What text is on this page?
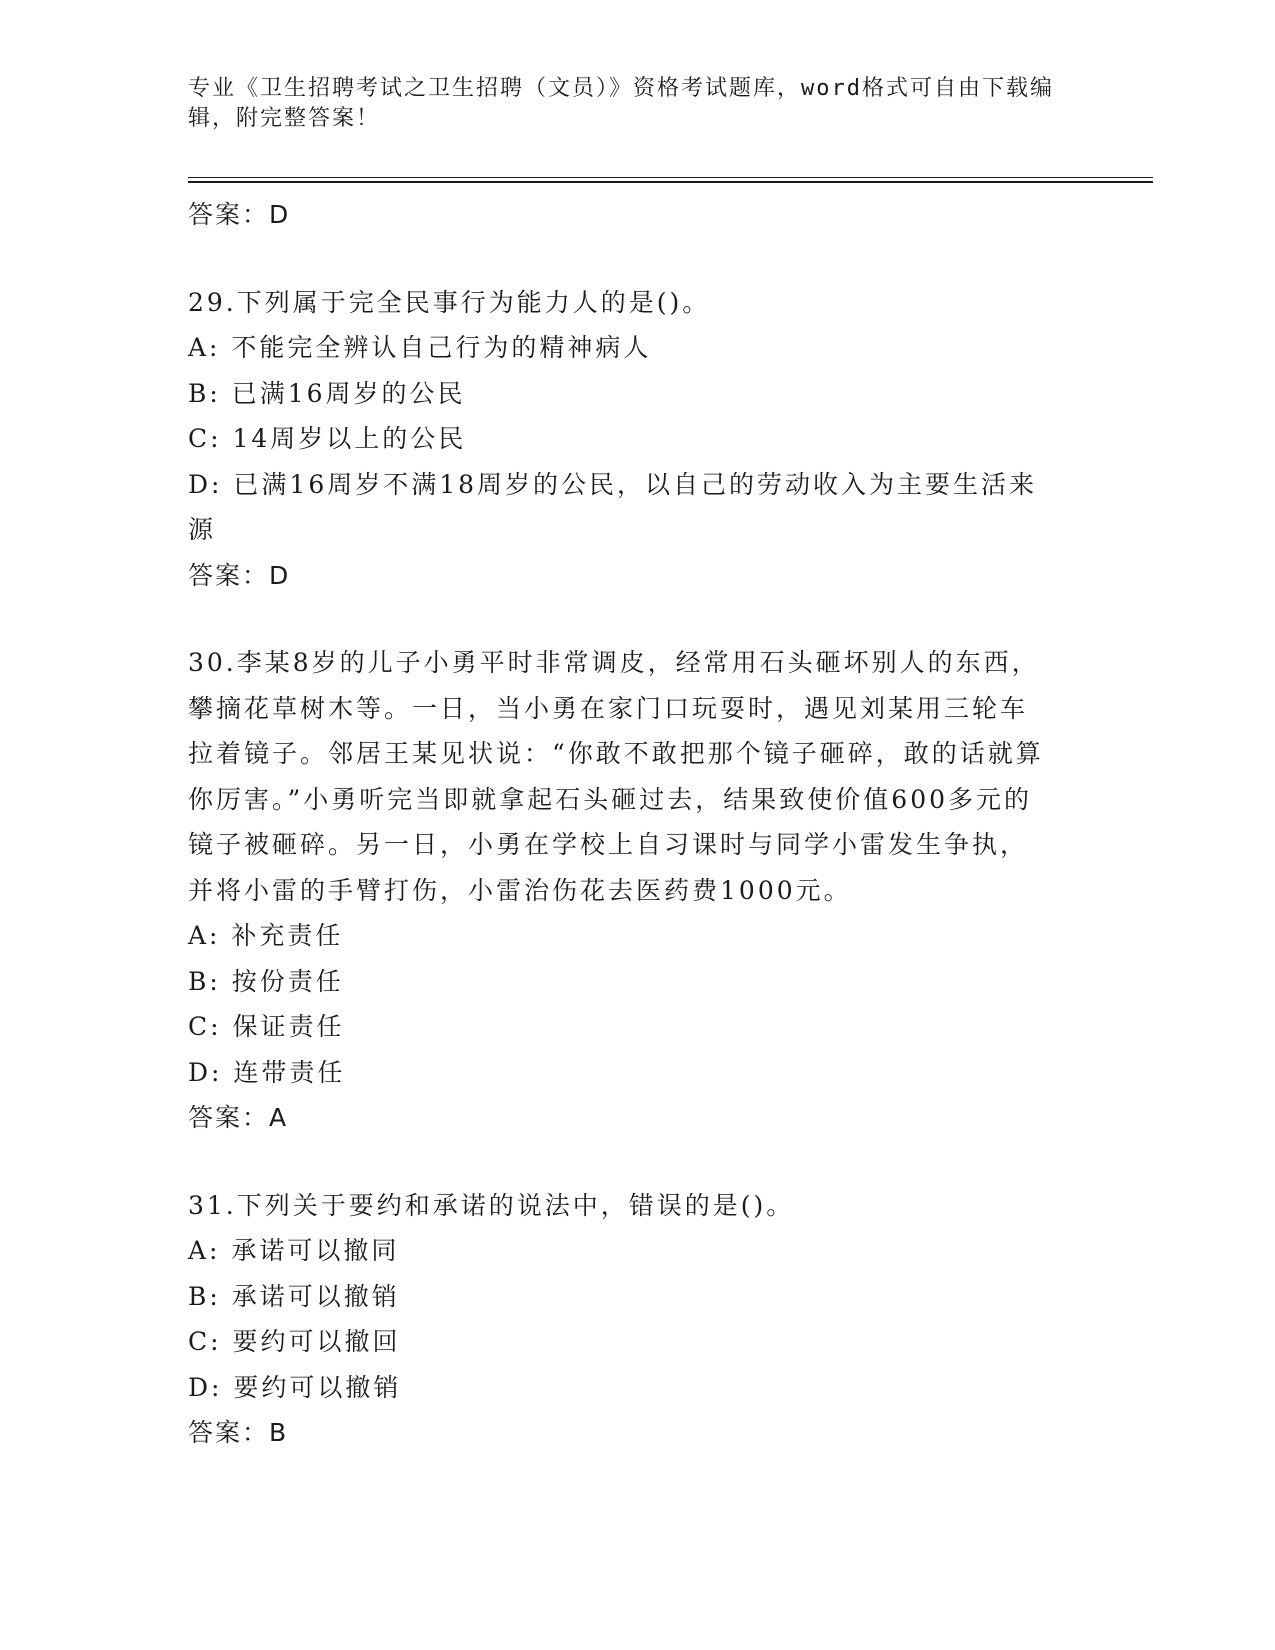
专业《卫生招聘考试之卫生招聘（文员）》资格考试题库，word格式可自由下载编辑，附完整答案！
答案：D
29.下列属于完全民事行为能力人的是()。
A: 不能完全辨认自己行为的精神病人
B: 已满16周岁的公民
C: 14周岁以上的公民
D: 已满16周岁不满18周岁的公民，以自己的劳动收入为主要生活来源
答案：D
30.李某8岁的儿子小勇平时非常调皮，经常用石头砸坏别人的东西，攀摘花草树木等。一日，当小勇在家门口玩耍时，遇见刘某用三轮车拉着镜子。邻居王某见状说：“你敢不敢把那个镜子砸碎，敢的话就算你厉害。”小勇听完当即就拿起石头砸过去，结果致使价值600多元的镜子被砸碎。另一日，小勇在学校上自习课时与同学小雷发生争执，并将小雷的手臂打伤，小雷治伤花去医药费1000元。
A: 补充责任
B: 按份责任
C: 保证责任
D: 连带责任
答案：A
31.下列关于要约和承诺的说法中，错误的是()。
A: 承诺可以撤同
B: 承诺可以撤销
C: 要约可以撤回
D: 要约可以撤销
答案：B
